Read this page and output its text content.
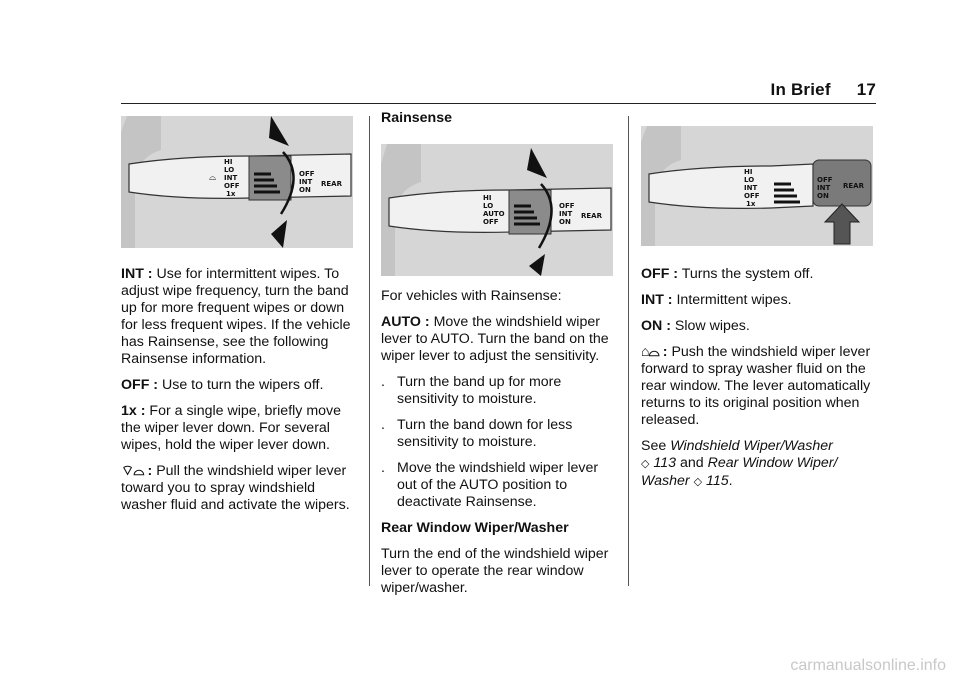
In Brief 17
HI
LO
INT
OFF
1x
OFF
INT
ON
REAR
⌓

INT : Use for intermittent wipes. To adjust wipe frequency, turn the band up for more frequent wipes or down for less frequent wipes. If the vehicle has Rainsense, see the following Rainsense information.

OFF : Use to turn the wipers off.

1x : For a single wipe, briefly move the wiper lever down. For several wipes, hold the wiper lever down.

⌔⌓ : Pull the windshield wiper lever toward you to spray windshield washer fluid and activate the wipers.

Rainsense

HI
LO
AUTO
OFF
OFF
INT
ON
REAR

For vehicles with Rainsense:

AUTO : Move the windshield wiper lever to AUTO. Turn the band on the wiper lever to adjust the sensitivity.

. Turn the band up for more sensitivity to moisture.
. Turn the band down for less sensitivity to moisture.
. Move the windshield wiper lever out of the AUTO position to deactivate Rainsense.

Rear Window Wiper/Washer

Turn the end of the windshield wiper lever to operate the rear window wiper/washer.

HI
LO
INT
OFF
1x
OFF
INT
ON
REAR

OFF : Turns the system off.

INT : Intermittent wipes.

ON : Slow wipes.

⌂⌓ : Push the windshield wiper lever forward to spray washer fluid on the rear window. The lever automatically returns to its original position when released.

See Windshield Wiper/Washer
◇ 113 and Rear Window Wiper/ Washer ◇ 115.

carmanualsonline.info
